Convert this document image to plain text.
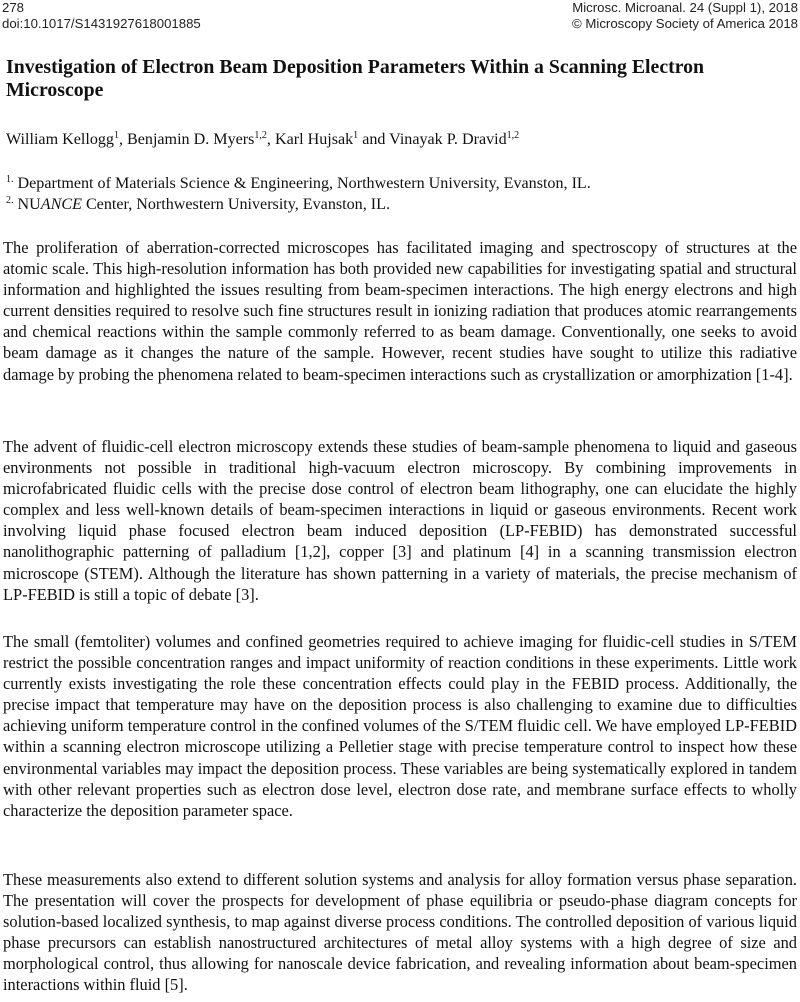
278
doi:10.1017/S1431927618001885
Microsc. Microanal. 24 (Suppl 1), 2018
© Microscopy Society of America 2018
Investigation of Electron Beam Deposition Parameters Within a Scanning Electron Microscope
William Kellogg$^1$, Benjamin D. Myers$^{1,2}$, Karl Hujsak$^1$ and Vinayak P. Dravid$^{1,2}$
$^{1.}$ Department of Materials Science & Engineering, Northwestern University, Evanston, IL.
$^{2.}$ NUANCE Center, Northwestern University, Evanston, IL.

The proliferation of aberration-corrected microscopes has facilitated imaging and spectroscopy of structures at the atomic scale. This high-resolution information has both provided new capabilities for investigating spatial and structural information and highlighted the issues resulting from beam-specimen interactions. The high energy electrons and high current densities required to resolve such fine structures result in ionizing radiation that produces atomic rearrangements and chemical reactions within the sample commonly referred to as beam damage. Conventionally, one seeks to avoid beam damage as it changes the nature of the sample. However, recent studies have sought to utilize this radiative damage by probing the phenomena related to beam-specimen interactions such as crystallization or amorphization [1-4].

The advent of fluidic-cell electron microscopy extends these studies of beam-sample phenomena to liquid and gaseous environments not possible in traditional high-vacuum electron microscopy. By combining improvements in microfabricated fluidic cells with the precise dose control of electron beam lithography, one can elucidate the highly complex and less well-known details of beam-specimen interactions in liquid or gaseous environments. Recent work involving liquid phase focused electron beam induced deposition (LP-FEBID) has demonstrated successful nanolithographic patterning of palladium [1,2], copper [3] and platinum [4] in a scanning transmission electron microscope (STEM). Although the literature has shown patterning in a variety of materials, the precise mechanism of LP-FEBID is still a topic of debate [3].

The small (femtoliter) volumes and confined geometries required to achieve imaging for fluidic-cell studies in S/TEM restrict the possible concentration ranges and impact uniformity of reaction conditions in these experiments. Little work currently exists investigating the role these concentration effects could play in the FEBID process. Additionally, the precise impact that temperature may have on the deposition process is also challenging to examine due to difficulties achieving uniform temperature control in the confined volumes of the S/TEM fluidic cell. We have employed LP-FEBID within a scanning electron microscope utilizing a Pelletier stage with precise temperature control to inspect how these environmental variables may impact the deposition process. These variables are being systematically explored in tandem with other relevant properties such as electron dose level, electron dose rate, and membrane surface effects to wholly characterize the deposition parameter space.

These measurements also extend to different solution systems and analysis for alloy formation versus phase separation. The presentation will cover the prospects for development of phase equilibria or pseudo-phase diagram concepts for solution-based localized synthesis, to map against diverse process conditions. The controlled deposition of various liquid phase precursors can establish nanostructured architectures of metal alloy systems with a high degree of size and morphological control, thus allowing for nanoscale device fabrication, and revealing information about beam-specimen interactions within fluid [5].
